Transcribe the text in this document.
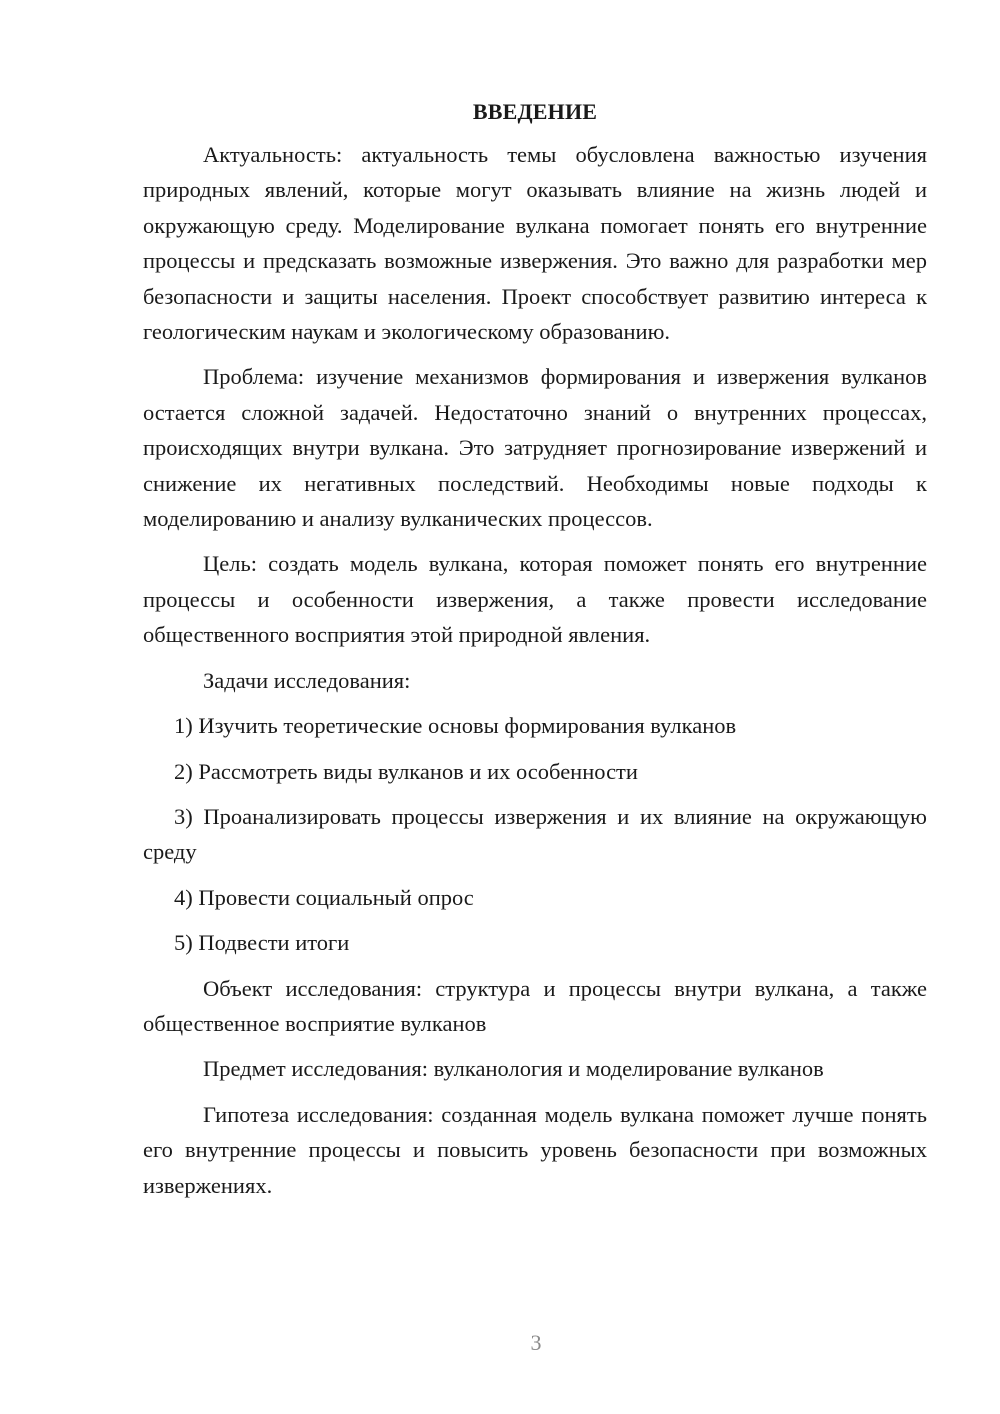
ВВЕДЕНИЕ

Актуальность: актуальность темы обусловлена важностью изучения природных явлений, которые могут оказывать влияние на жизнь людей и окружающую среду. Моделирование вулкана помогает понять его внутренние процессы и предсказать возможные извержения. Это важно для разработки мер безопасности и защиты населения. Проект способствует развитию интереса к геологическим наукам и экологическому образованию.

Проблема: изучение механизмов формирования и извержения вулканов остается сложной задачей. Недостаточно знаний о внутренних процессах, происходящих внутри вулкана. Это затрудняет прогнозирование извержений и снижение их негативных последствий. Необходимы новые подходы к моделированию и анализу вулканических процессов.

Цель: создать модель вулкана, которая поможет понять его внутренние процессы и особенности извержения, а также провести исследование общественного восприятия этой природной явления.

Задачи исследования:

1) Изучить теоретические основы формирования вулканов

2) Рассмотреть виды вулканов и их особенности

3) Проанализировать процессы извержения и их влияние на окружающую среду

4) Провести социальный опрос

5) Подвести итоги

Объект исследования: структура и процессы внутри вулкана, а также общественное восприятие вулканов

Предмет исследования: вулканология и моделирование вулканов

Гипотеза исследования: созданная модель вулкана поможет лучше понять его внутренние процессы и повысить уровень безопасности при возможных извержениях.

3
